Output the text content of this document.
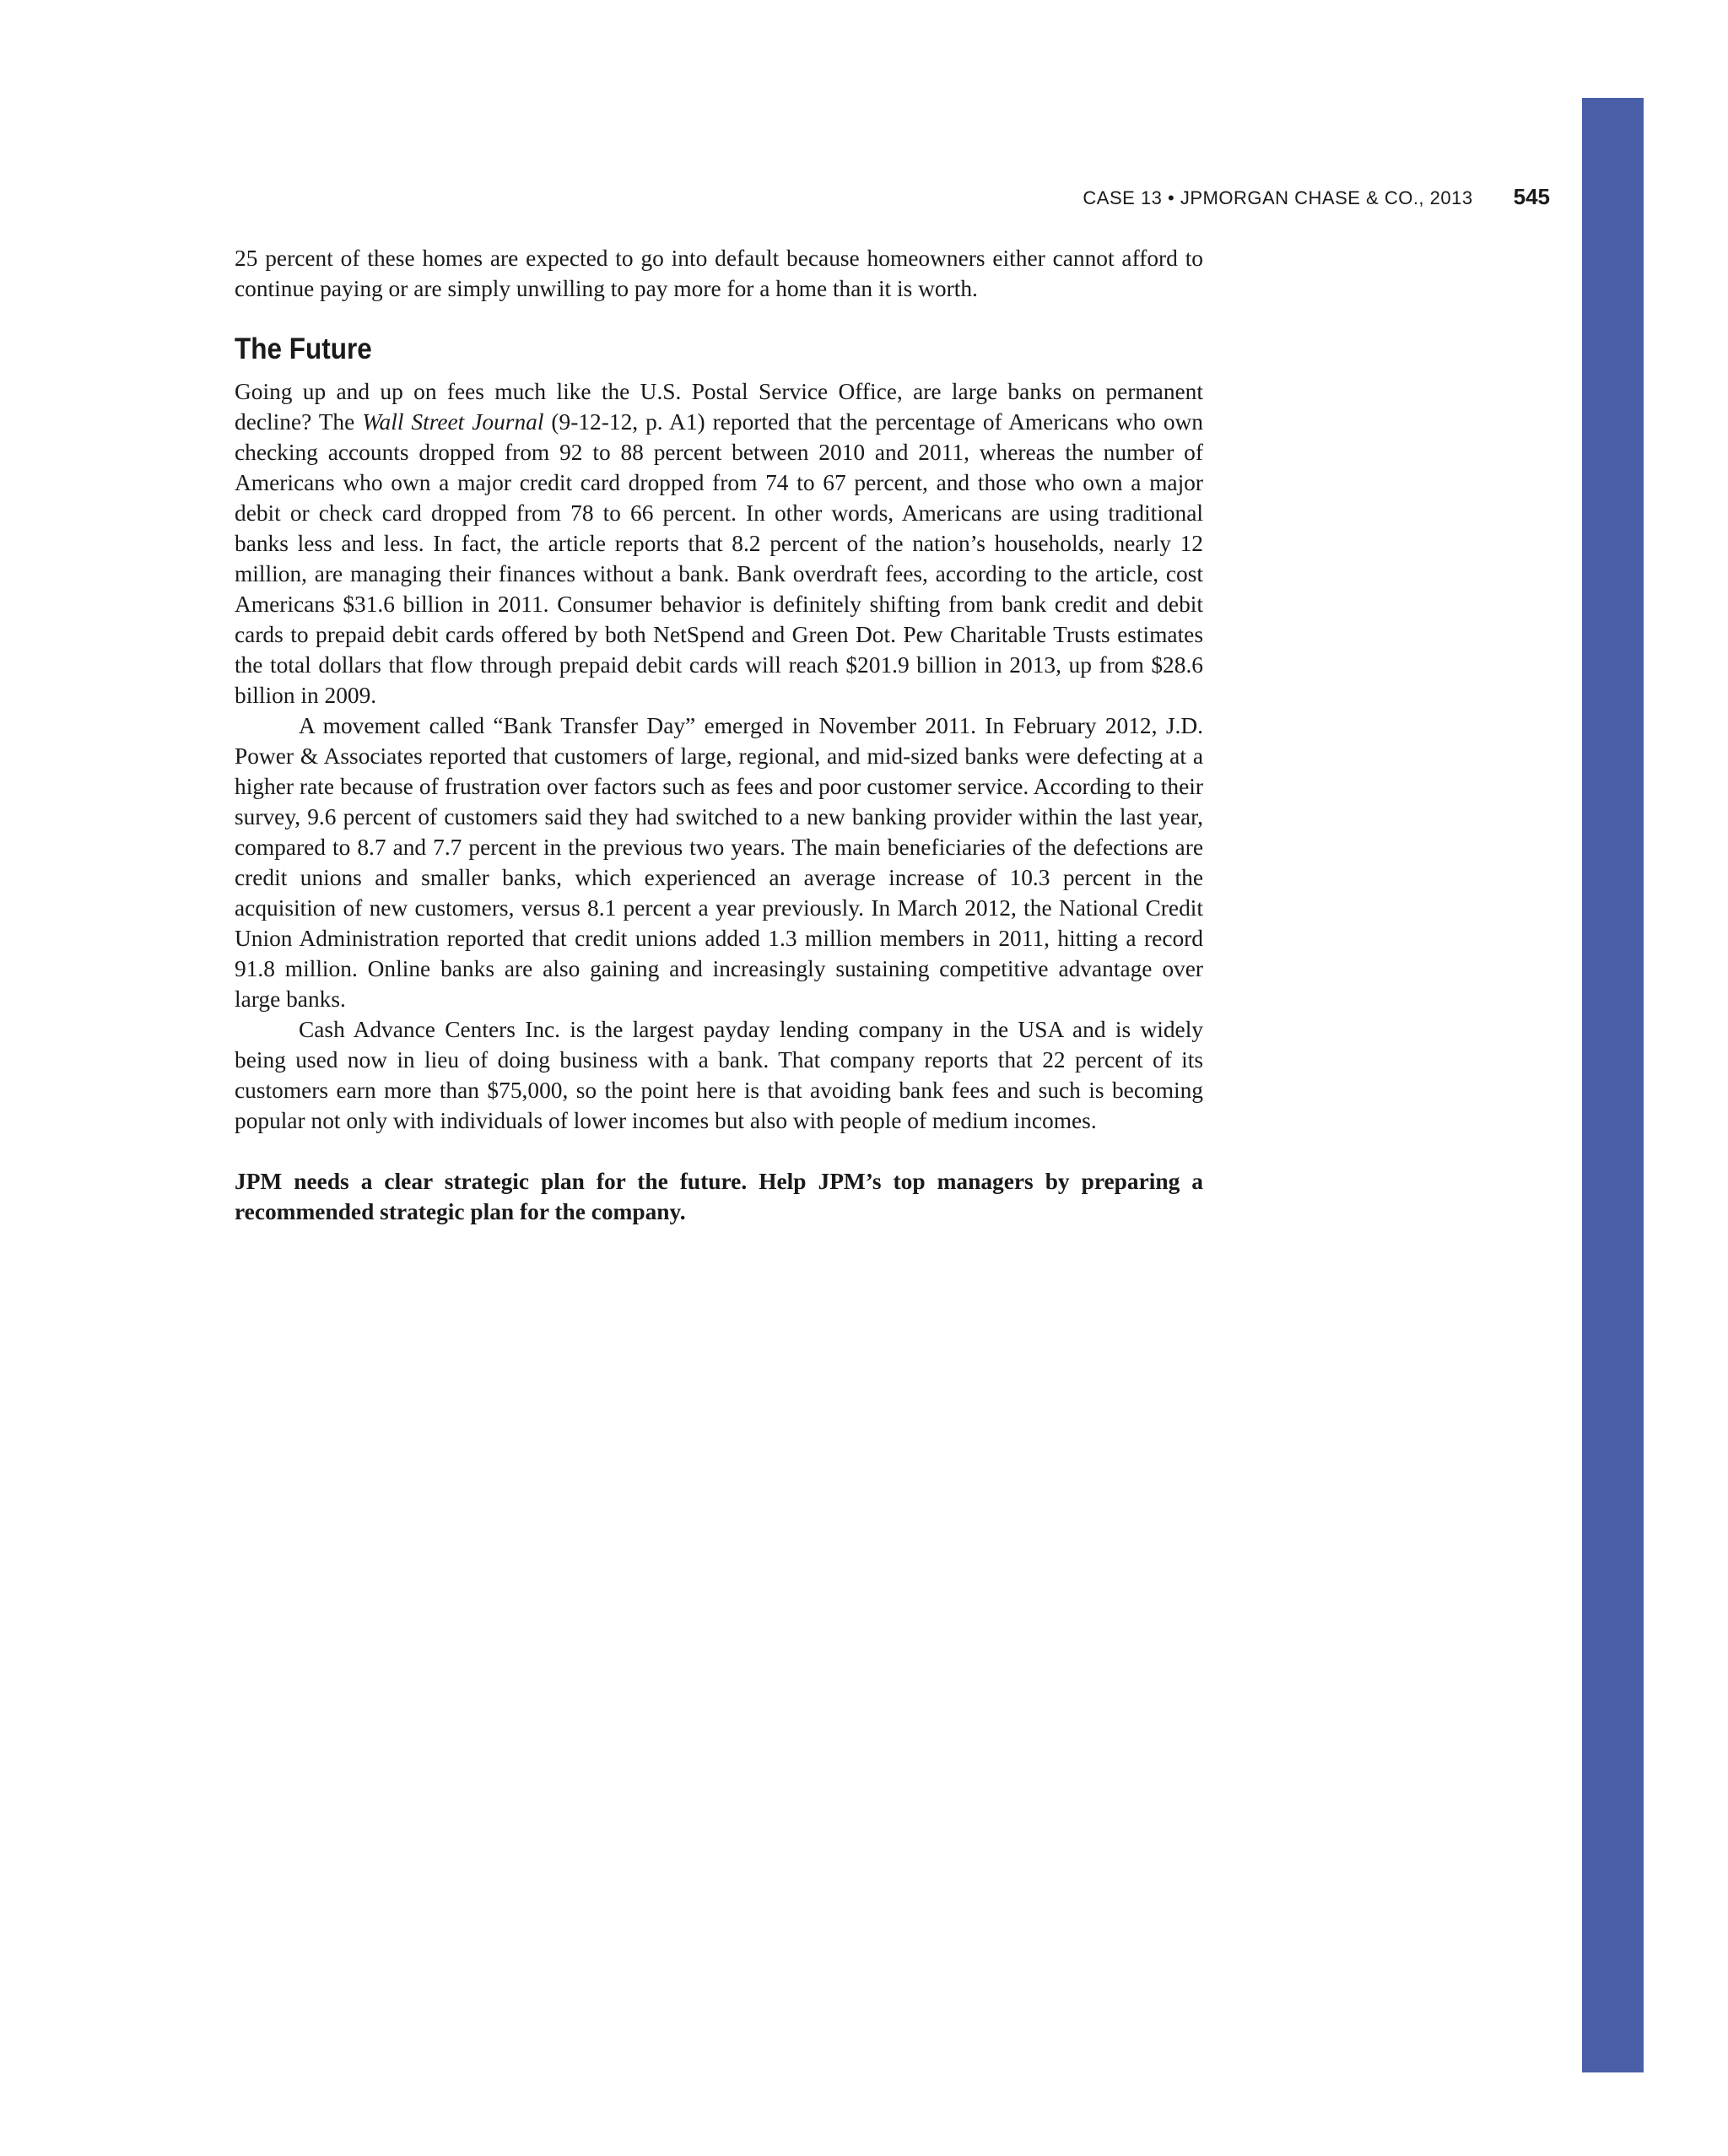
CASE 13 • JPMORGAN CHASE & CO., 2013 545

25 percent of these homes are expected to go into default because homeowners either cannot afford to continue paying or are simply unwilling to pay more for a home than it is worth.

The Future

Going up and up on fees much like the U.S. Postal Service Office, are large banks on permanent decline? The Wall Street Journal (9-12-12, p. A1) reported that the percentage of Americans who own checking accounts dropped from 92 to 88 percent between 2010 and 2011, whereas the number of Americans who own a major credit card dropped from 74 to 67 percent, and those who own a major debit or check card dropped from 78 to 66 percent. In other words, Americans are using traditional banks less and less. In fact, the article reports that 8.2 percent of the nation’s households, nearly 12 million, are managing their finances without a bank. Bank overdraft fees, according to the article, cost Americans $31.6 billion in 2011. Consumer behavior is definitely shifting from bank credit and debit cards to prepaid debit cards offered by both NetSpend and Green Dot. Pew Charitable Trusts estimates the total dollars that flow through prepaid debit cards will reach $201.9 billion in 2013, up from $28.6 billion in 2009.

A movement called “Bank Transfer Day” emerged in November 2011. In February 2012, J.D. Power & Associates reported that customers of large, regional, and mid-sized banks were defecting at a higher rate because of frustration over factors such as fees and poor customer service. According to their survey, 9.6 percent of customers said they had switched to a new banking provider within the last year, compared to 8.7 and 7.7 percent in the previous two years. The main beneficiaries of the defections are credit unions and smaller banks, which experienced an average increase of 10.3 percent in the acquisition of new customers, versus 8.1 percent a year previously. In March 2012, the National Credit Union Administration reported that credit unions added 1.3 million members in 2011, hitting a record 91.8 million. Online banks are also gaining and increasingly sustaining competitive advantage over large banks.

Cash Advance Centers Inc. is the largest payday lending company in the USA and is widely being used now in lieu of doing business with a bank. That company reports that 22 percent of its customers earn more than $75,000, so the point here is that avoiding bank fees and such is becoming popular not only with individuals of lower incomes but also with people of medium incomes.

JPM needs a clear strategic plan for the future. Help JPM’s top managers by preparing a recommended strategic plan for the company.
